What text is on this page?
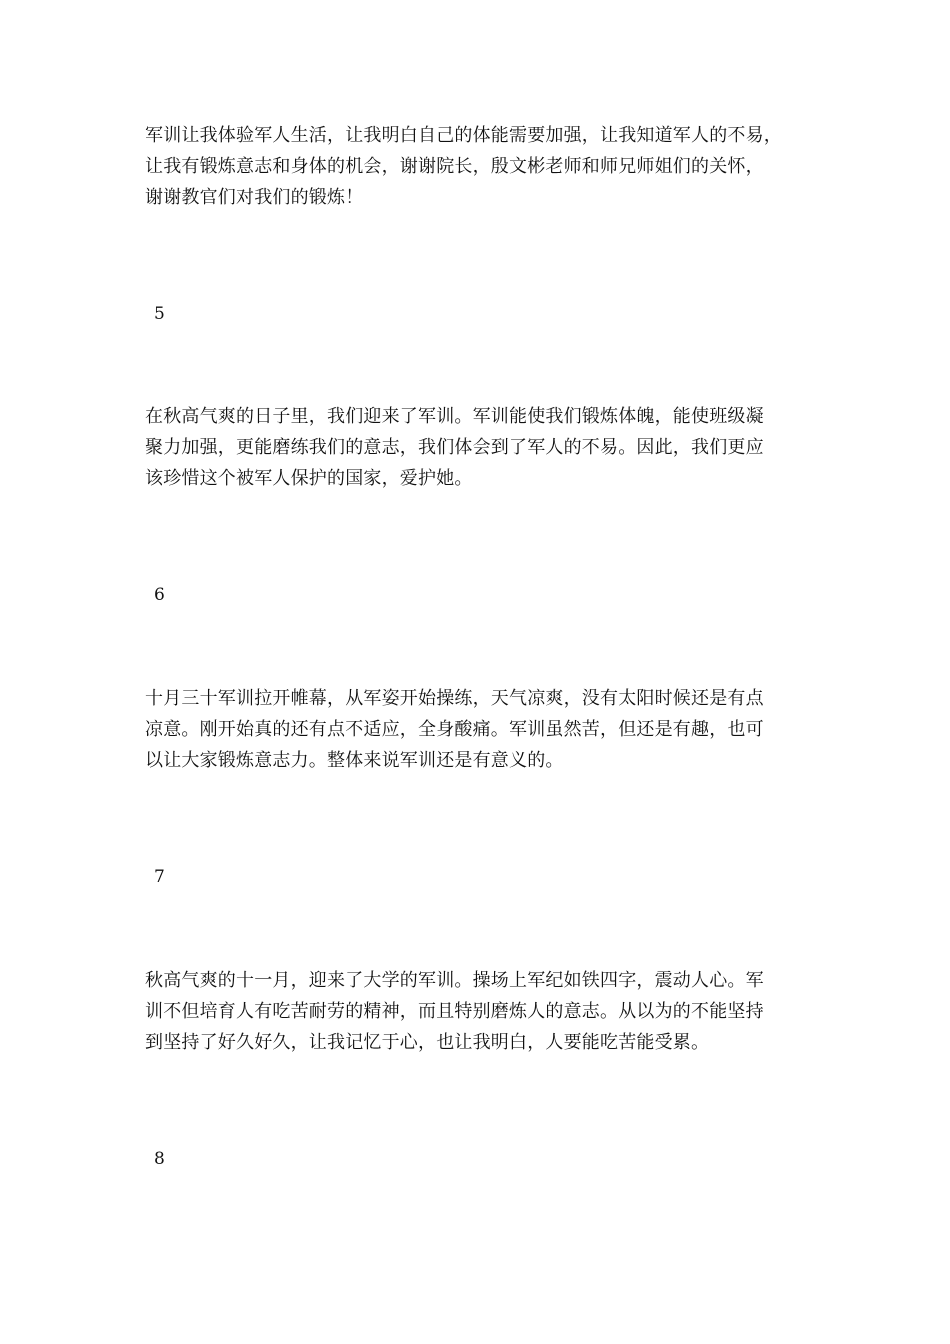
军训让我体验军人生活，让我明白自己的体能需要加强，让我知道军人的不易，
让我有锻炼意志和身体的机会，谢谢院长，殷文彬老师和师兄师姐们的关怀，
谢谢教官们对我们的锻炼！
5
在秋高气爽的日子里，我们迎来了军训。军训能使我们锻炼体魄，能使班级凝
聚力加强，更能磨练我们的意志，我们体会到了军人的不易。因此，我们更应
该珍惜这个被军人保护的国家，爱护她。
6
十月三十军训拉开帷幕，从军姿开始操练，天气凉爽，没有太阳时候还是有点
凉意。刚开始真的还有点不适应，全身酸痛。军训虽然苦，但还是有趣，也可
以让大家锻炼意志力。整体来说军训还是有意义的。
7
秋高气爽的十一月，迎来了大学的军训。操场上军纪如铁四字，震动人心。军
训不但培育人有吃苦耐劳的精神，而且特别磨炼人的意志。从以为的不能坚持
到坚持了好久好久，让我记忆于心，也让我明白，人要能吃苦能受累。
8
